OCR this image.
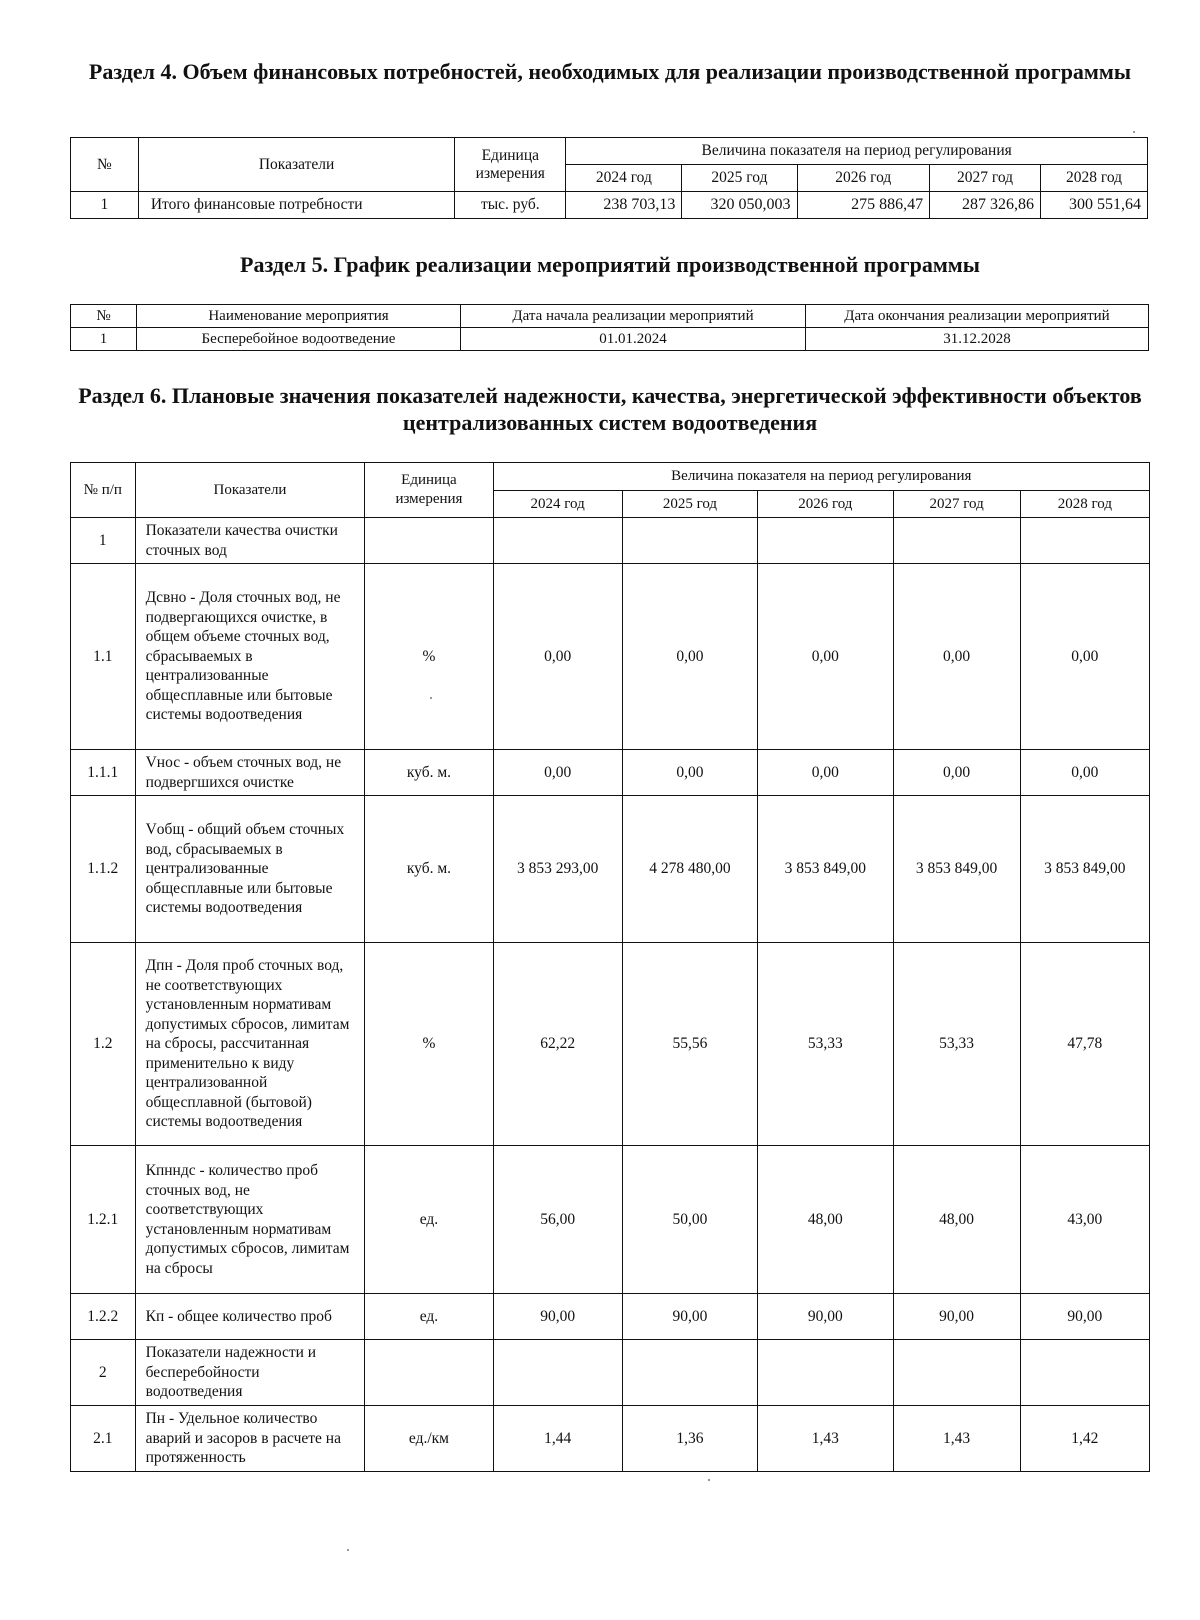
Раздел 4. Объем финансовых потребностей, необходимых для реализации производственной программы
№	Показатели	Единица измерения	Величина показателя на период регулирования				
			2024 год	2025 год	2026 год	2027 год	2028 год
1	Итого финансовые потребности	тыс. руб.	238 703,13	320 050,003	275 886,47	287 326,86	300 551,64
Раздел 5. График реализации мероприятий производственной программы
№	Наименование мероприятия	Дата начала реализации мероприятий	Дата окончания реализации мероприятий
1	Бесперебойное водоотведение	01.01.2024	31.12.2028
Раздел 6. Плановые значения показателей надежности, качества, энергетической эффективности объектов централизованных систем водоотведения
№ п/п	Показатели	Единица измерения	Величина показателя на период регулирования				
			2024 год	2025 год	2026 год	2027 год	2028 год
1	Показатели качества очистки сточных вод						
1.1	Дсвно - Доля сточных вод, не подвергающихся очистке, в общем объеме сточных вод, сбрасываемых в централизованные общесплавные или бытовые системы водоотведения	%	0,00	0,00	0,00	0,00	0,00
1.1.1	Vнос - объем сточных вод, не подвергшихся очистке	куб. м.	0,00	0,00	0,00	0,00	0,00
1.1.2	Vобщ - общий объем сточных вод, сбрасываемых в централизованные общесплавные или бытовые системы водоотведения	куб. м.	3 853 293,00	4 278 480,00	3 853 849,00	3 853 849,00	3 853 849,00
1.2	Дпн - Доля проб сточных вод, не соответствующих установленным нормативам допустимых сбросов, лимитам на сбросы, рассчитанная применительно к виду централизованной общесплавной (бытовой) системы водоотведения	%	62,22	55,56	53,33	53,33	47,78
1.2.1	Кпнндс - количество проб сточных вод, не соответствующих установленным нормативам допустимых сбросов, лимитам на сбросы	ед.	56,00	50,00	48,00	48,00	43,00
1.2.2	Кп - общее количество проб	ед.	90,00	90,00	90,00	90,00	90,00
2	Показатели надежности и бесперебойности водоотведения						
2.1	Пн - Удельное количество аварий и засоров в расчете на протяженность	ед./км	1,44	1,36	1,43	1,43	1,42
